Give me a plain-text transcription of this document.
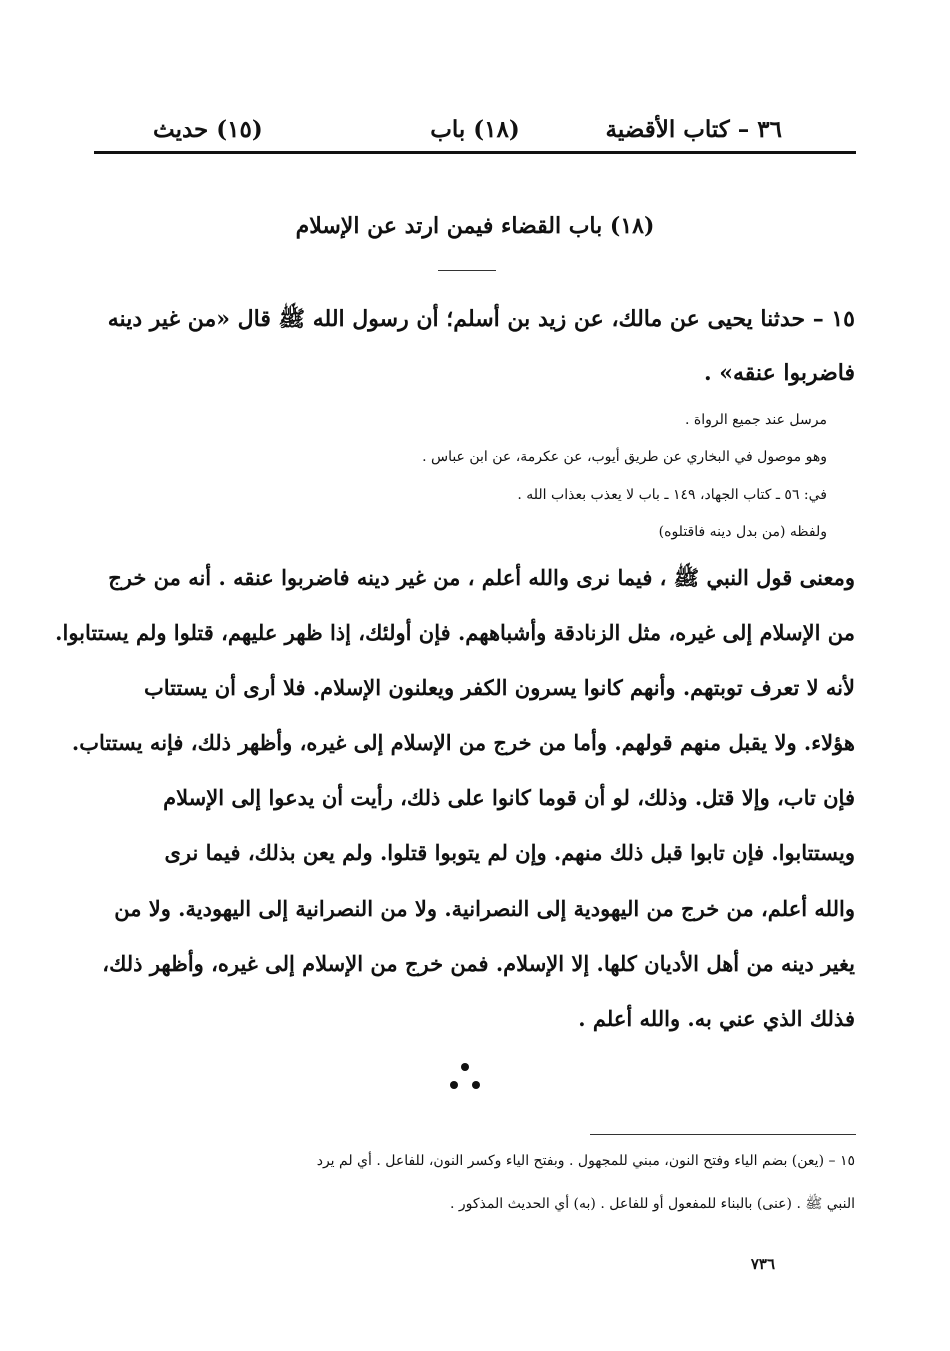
٣٦ – كتاب الأقضية
(١٨) باب
(١٥) حديث
(١٨) باب القضاء فيمن ارتد عن الإسلام
١٥ – حدثنا يحيى عن مالك، عن زيد بن أسلم؛ أن رسول الله ﷺ قال «من غير دينه
فاضربوا عنقه» .
مرسل عند جميع الرواة .
وهو موصول في البخاري عن طريق أيوب، عن عكرمة، عن ابن عباس .
في: ٥٦ ـ كتاب الجهاد، ١٤٩ ـ باب لا يعذب بعذاب الله .
ولفظه (من بدل دينه فاقتلوه)
ومعنى قول النبي ﷺ ، فيما نرى والله أعلم ، من غير دينه فاضربوا عنقه . أنه من خرج
من الإسلام إلى غيره، مثل الزنادقة وأشباههم. فإن أولئك، إذا ظهر عليهم، قتلوا ولم يستتابوا.
لأنه لا تعرف توبتهم. وأنهم كانوا يسرون الكفر ويعلنون الإسلام. فلا أرى أن يستتاب
هؤلاء. ولا يقبل منهم قولهم. وأما من خرج من الإسلام إلى غيره، وأظهر ذلك، فإنه يستتاب.
فإن تاب، وإلا قتل. وذلك، لو أن قوما كانوا على ذلك، رأيت أن يدعوا إلى الإسلام
ويستتابوا. فإن تابوا قبل ذلك منهم. وإن لم يتوبوا قتلوا. ولم يعن بذلك، فيما نرى
والله أعلم، من خرج من اليهودية إلى النصرانية. ولا من النصرانية إلى اليهودية. ولا من
يغير دينه من أهل الأديان كلها. إلا الإسلام. فمن خرج من الإسلام إلى غيره، وأظهر ذلك،
فذلك الذي عني به. والله أعلم .
١٥ – (يعن) بضم الياء وفتح النون، مبني للمجهول . وبفتح الياء وكسر النون، للفاعل . أي لم يرد
النبي ﷺ . (عنى) بالبناء للمفعول أو للفاعل . (به) أي الحديث المذكور .
٧٣٦
